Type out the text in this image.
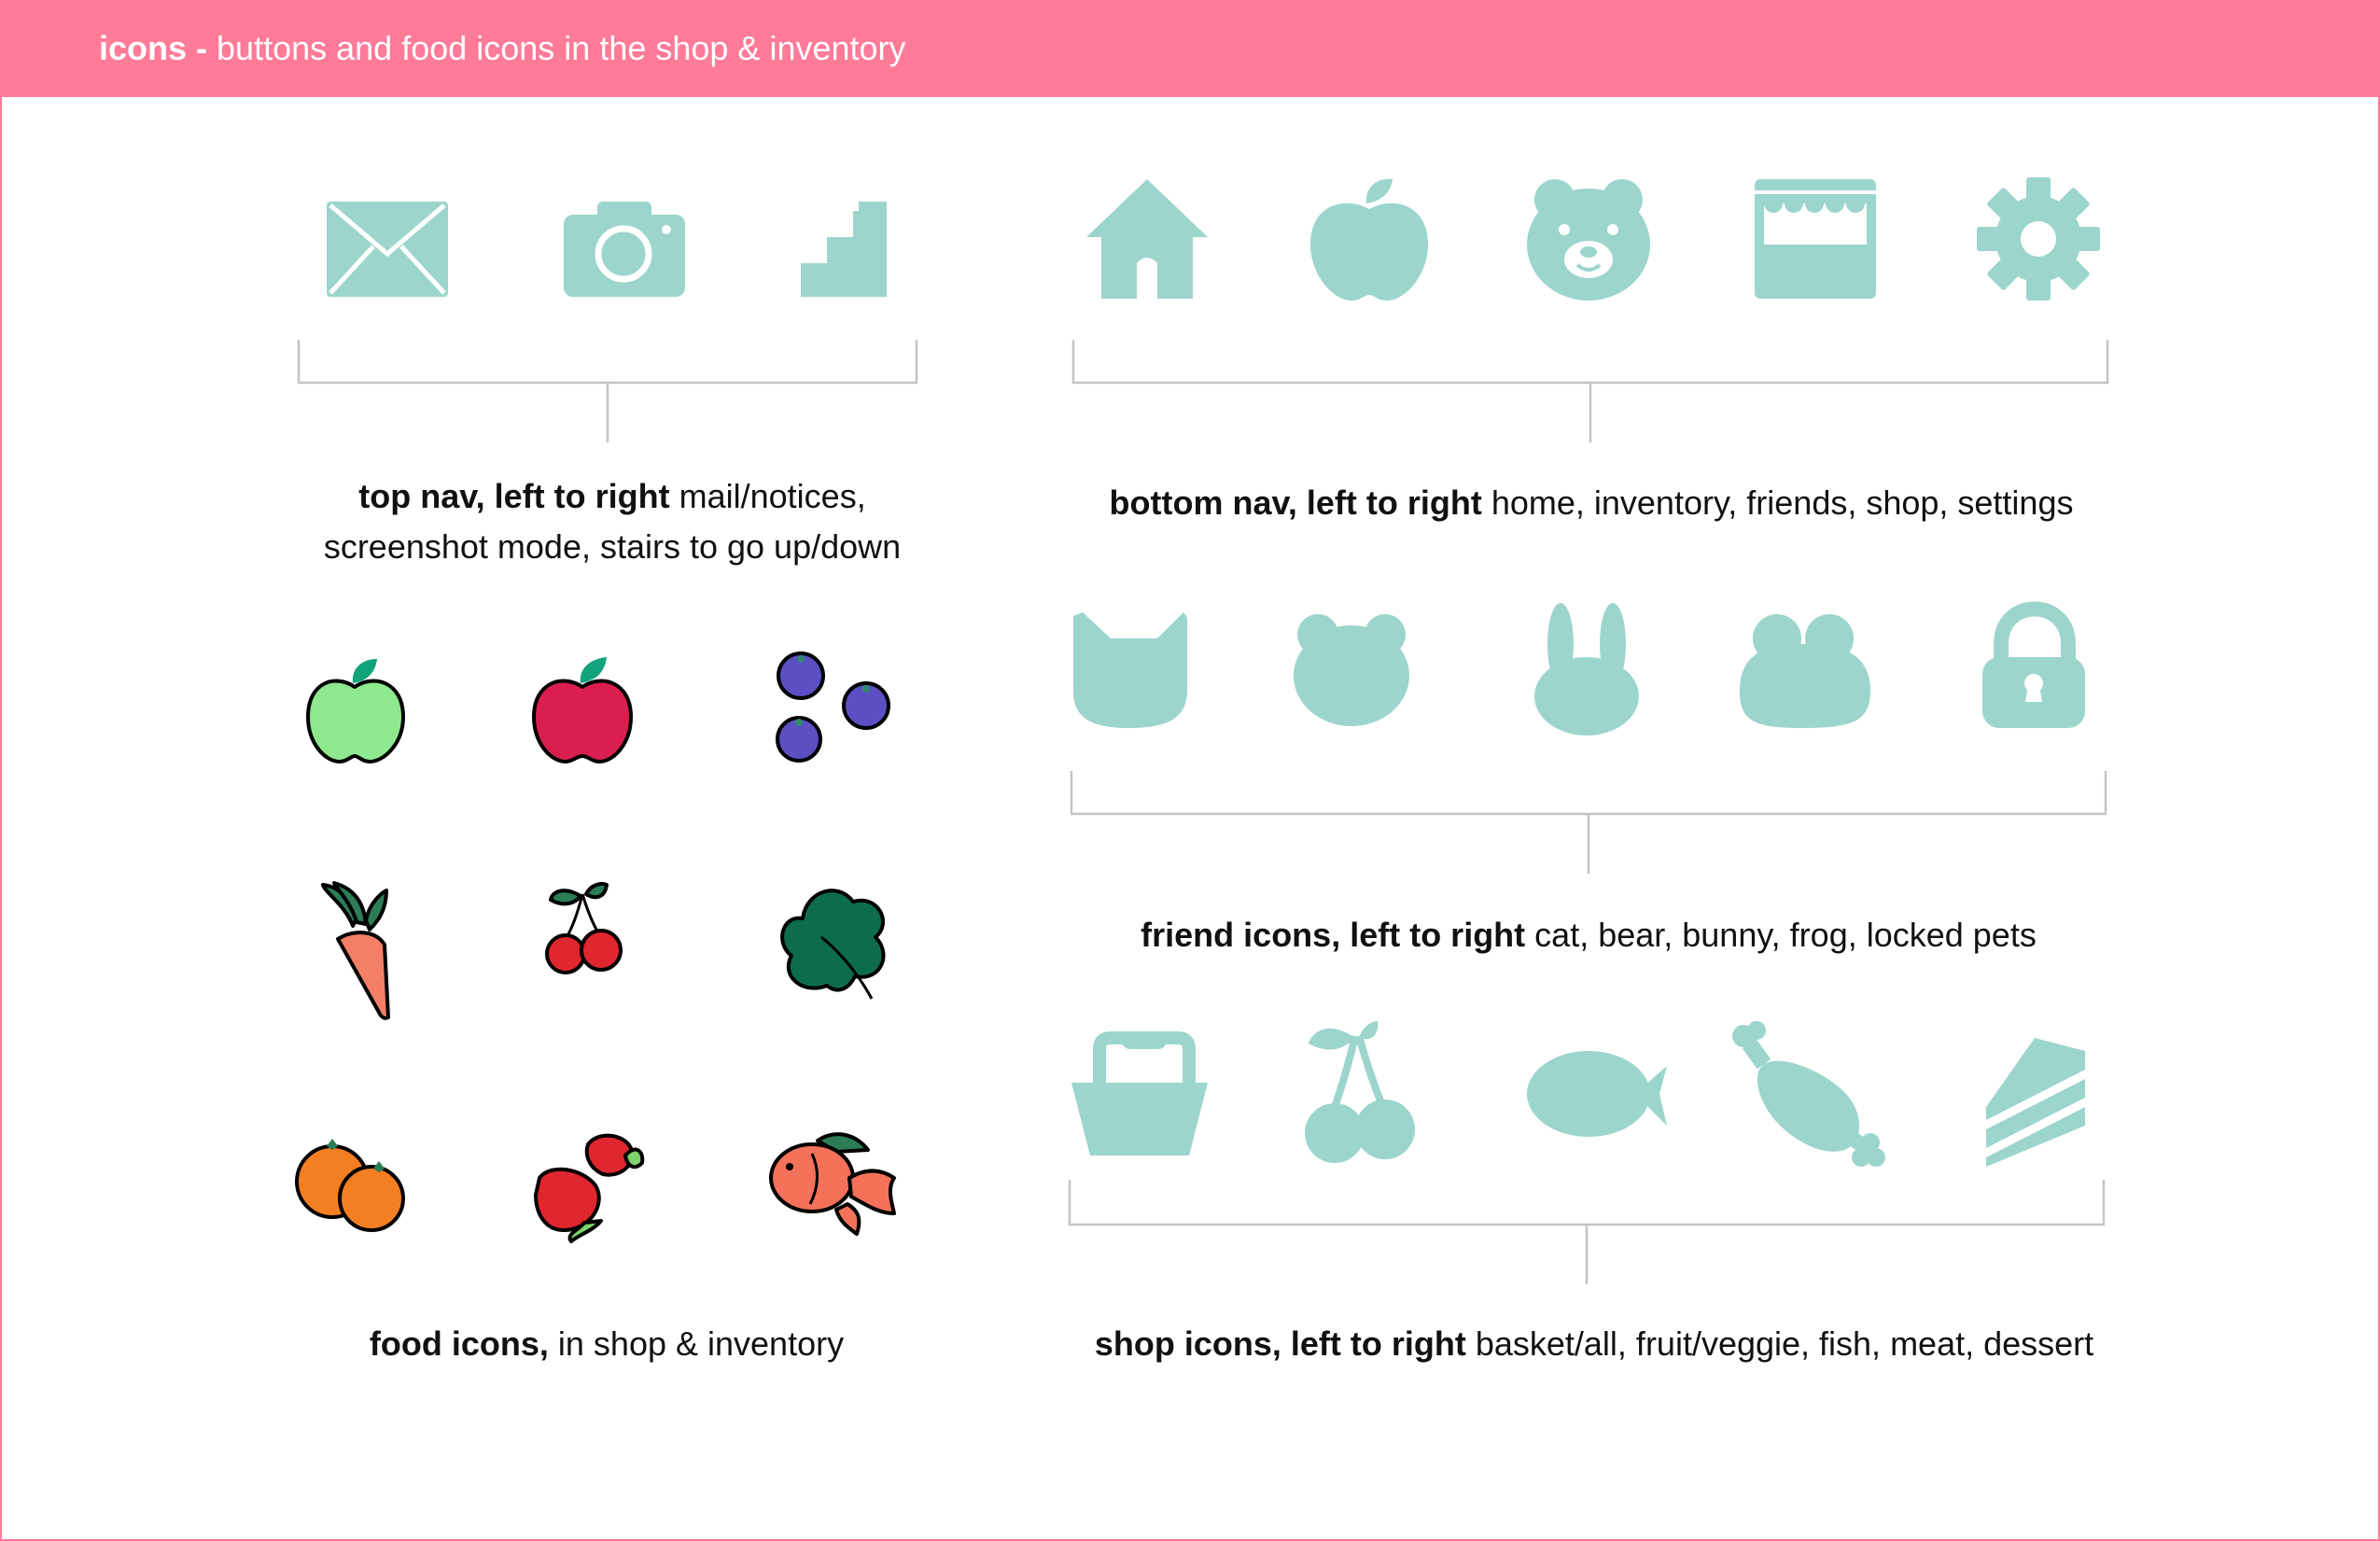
icons - buttons and food icons in the shop & inventory
top nav, left to right mail/notices,
screenshot mode, stairs to go up/down
bottom nav, left to right home, inventory, friends, shop, settings
friend icons, left to right cat, bear, bunny, frog, locked pets
food icons, in shop & inventory	shop icons, left to right basket/all, fruit/veggie, fish, meat, dessert
